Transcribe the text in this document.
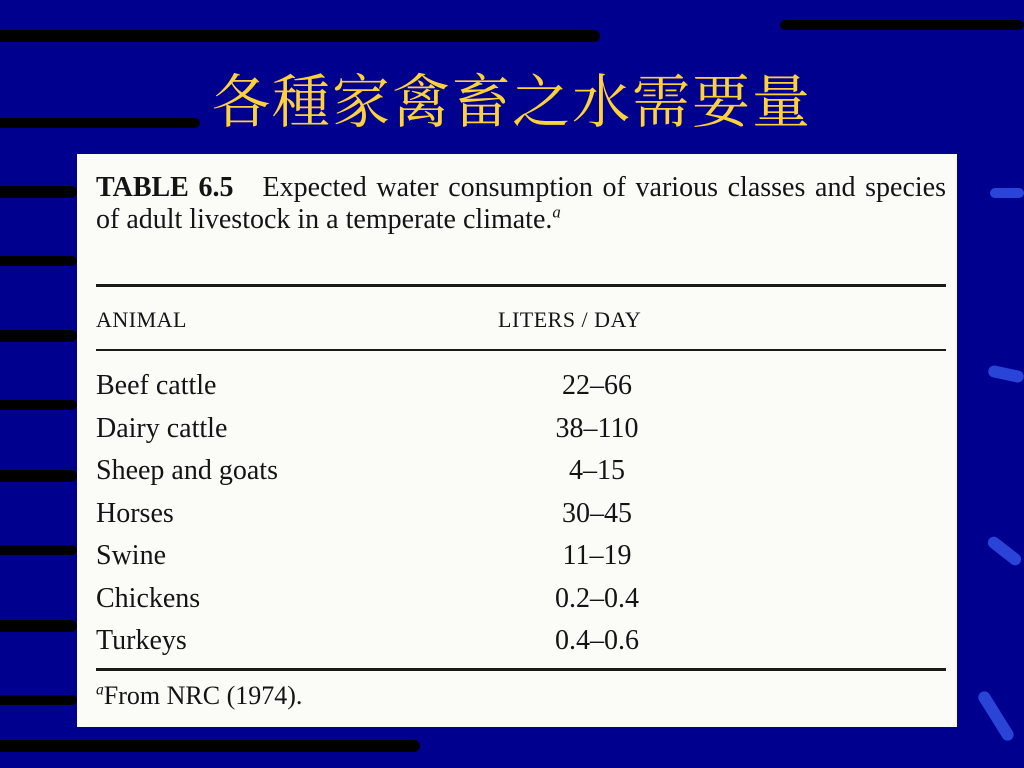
各種家禽畜之水需要量
TABLE 6.5 Expected water consumption of various classes and species of adult livestock in a temperate climate.$^a$
ANIMAL	LITERS / DAY
Beef cattle	22–66
Dairy cattle	38–110
Sheep and goats	4–15
Horses	30–45
Swine	11–19
Chickens	0.2–0.4
Turkeys	0.4–0.6
$^a$From NRC (1974).
